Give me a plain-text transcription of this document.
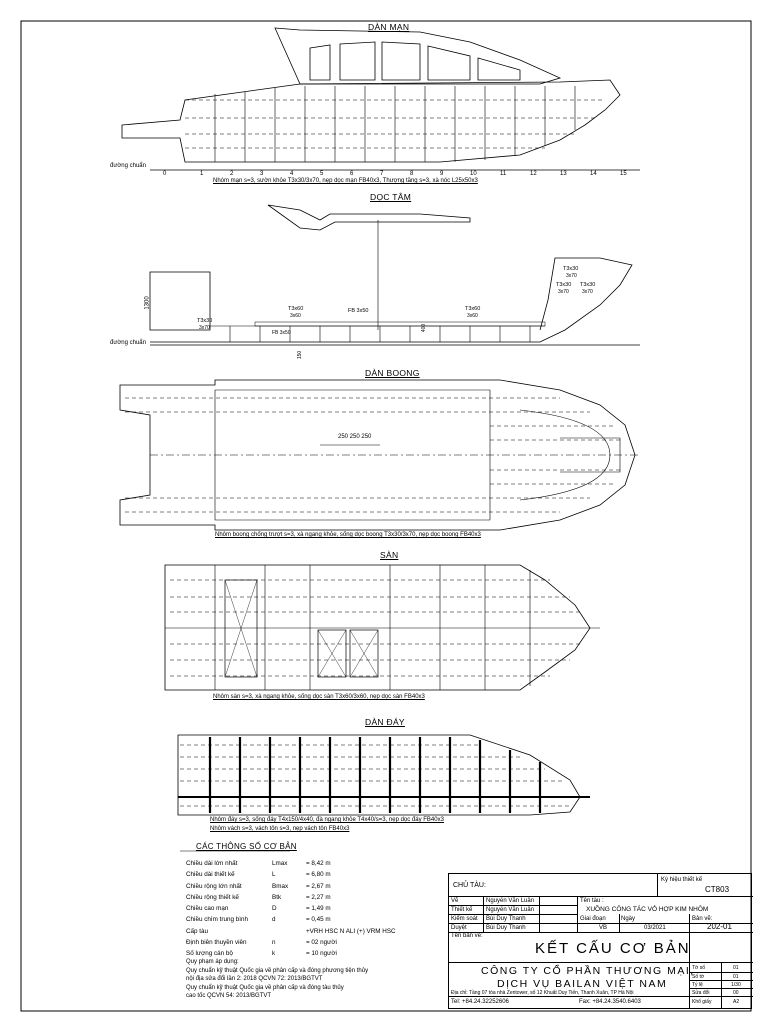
DÀN MẠN
Nhóm mạn s=3, sườn khỏe T3x30/3x70, nẹp dọc mạn FB40x3, Thượng tầng s=3, xà nóc L25x50x3
đường chuẩn
DỌC TÂM
đường chuẩn
DÀN BOONG
Nhôm boong chống trượt s=3, xà ngang khỏe, sống dọc boong T3x30/3x70, nẹp dọc boong FB40x3
SÀN
Nhôm sàn s=3, xà ngang khỏe, sống dọc sàn T3x60/3x60, nẹp dọc sàn FB40x3
DÀN ĐÁY
Nhôm đáy s=3, sống đáy T4x150/4x40, đà ngang khỏe T4x40/s=3, nẹp dọc đáy FB40x3
Nhôm vách s=3, vách tôn s=3, nẹp vách tôn FB40x3
0	1	2	3	4	5	6	7	8	9	10	11	12	13	14	15
1300
T3x30
3x70
T3x60
3x60
FB 3x50	T3x60
3x60
T3x30
3x70
T3x30
3x70
T3x30
3x70
FB 3x50
400
150
250 250 250
CÁC THÔNG SỐ CƠ BẢN
Chiều dài lớn nhất	Lmax	= 8,42 m
Chiều dài thiết kế	L	= 6,80 m
Chiều rộng lớn nhất	Bmax	= 2,67 m
Chiều rộng thiết kế	Btk	= 2,27 m
Chiều cao mạn	D	= 1,49 m
Chiều chìm trung bình	d	= 0,45 m
Cấp tàu	+VRH HSC N ALI (+) VRM HSC
Định biên thuyền viên	n	= 02 người
Số lượng cán bộ	k	= 10 người
Quy phạm áp dụng:
Quy chuẩn kỹ thuật Quốc gia về phân cấp và đóng phương tiện thủy
nội địa sửa đổi lần 2: 2018 QCVN 72: 2013/BGTVT
Quy chuẩn kỹ thuật Quốc gia về phân cấp và đóng tàu thủy
cao tốc QCVN 54: 2013/BGTVT
CHỦ TÀU:
Ký hiệu thiết kế
CT803
Vẽ	Nguyễn Văn Luân
Thiết kế Nguyễn Văn Luân
Kiểm soát Bùi Duy Thanh
Duyệt	Bùi Duy Thanh
Tên tàu :
XUỒNG CÔNG TÁC VỎ HỢP KIM NHÔM
Giai đoạn
VB
Ngày
03/2021
Bản vẽ:
202-01
Tên bản vẽ:
KẾT CẤU CƠ BẢN
CÔNG TY CỔ PHẦN THƯƠNG MẠI,
DỊCH VỤ BAILAN VIỆT NAM
Địa chỉ: Tầng 07 tòa nhà Zentower, số 12 Khuất Duy Tiến, Thanh Xuân, TP Hà Nội
Tel: +84.24.32252606	Fax: +84.24.3540.6403
Tờ số	01
Số tờ	01
Tỷ lệ	1/30
Sửa đổi	00
Khổ giấy	A2
